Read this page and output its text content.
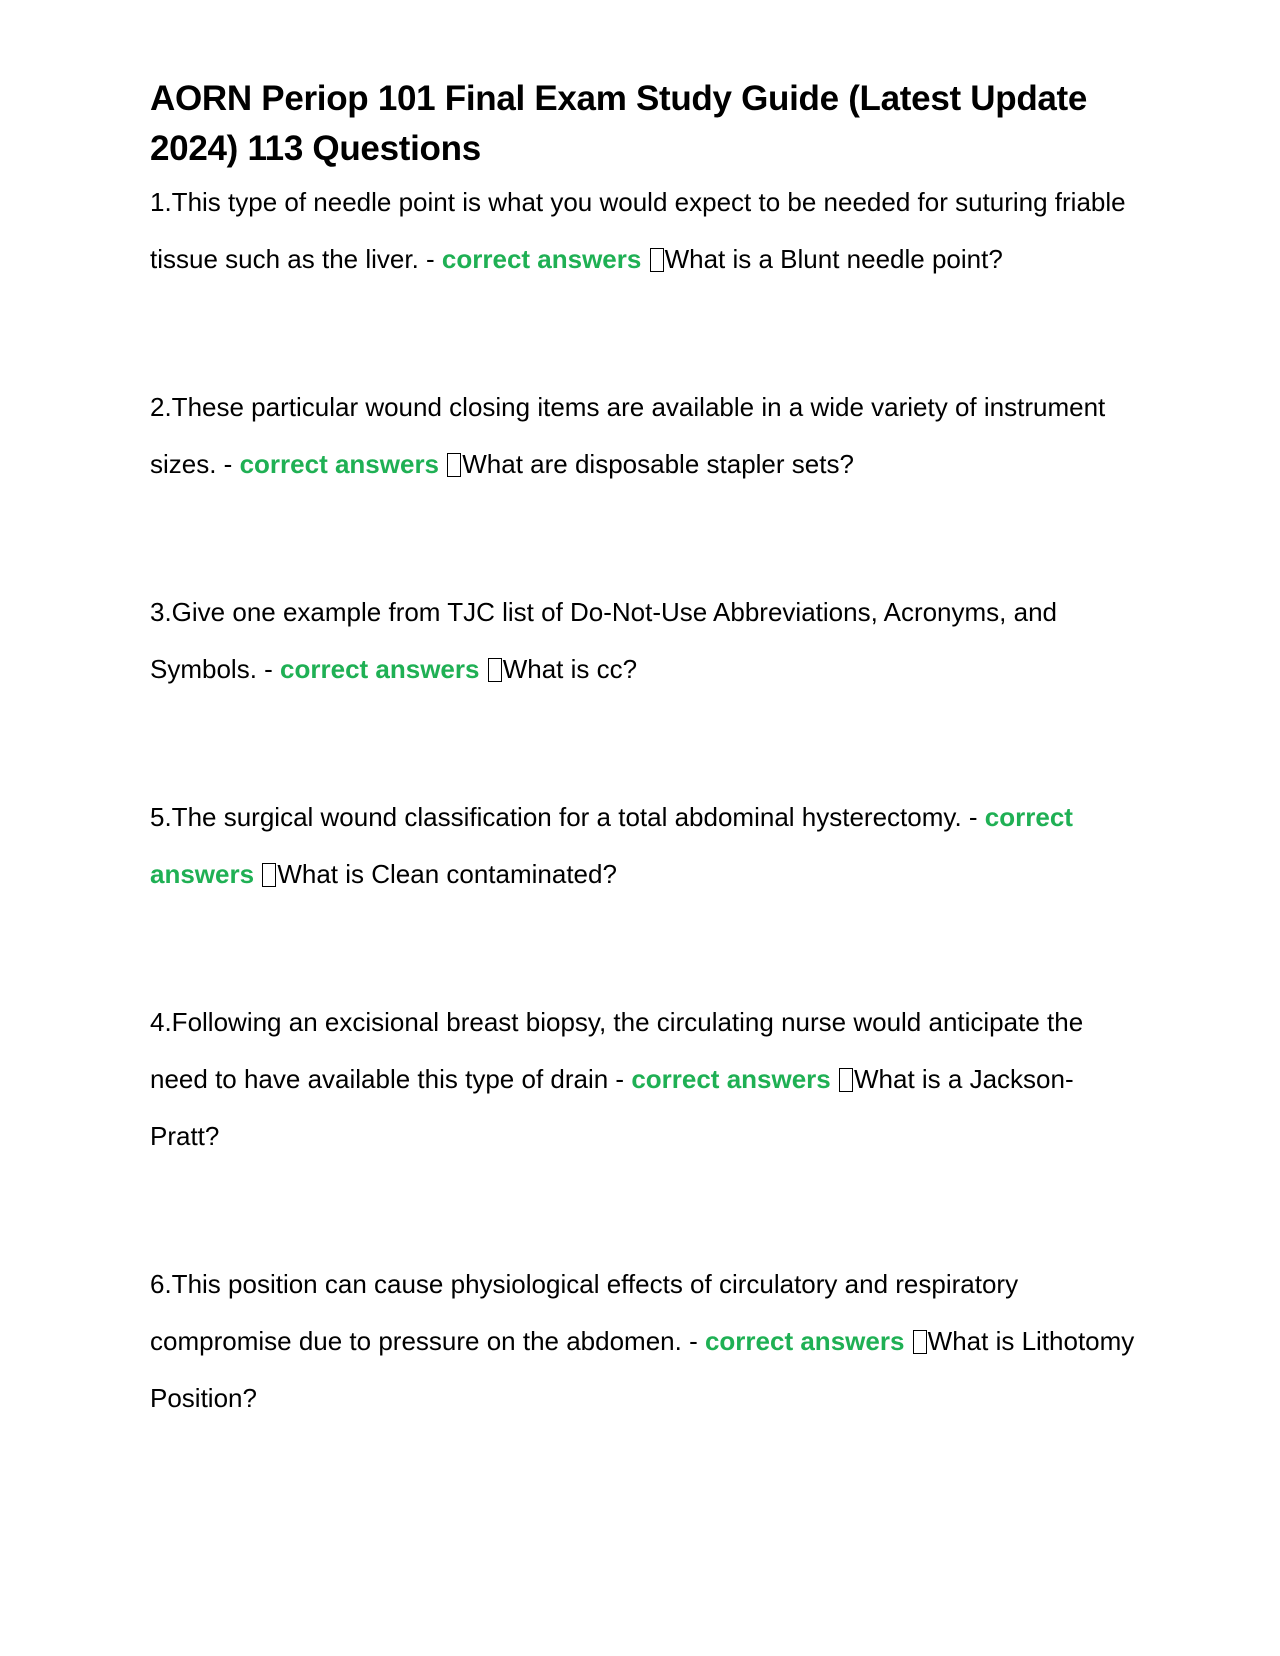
AORN Periop 101 Final Exam Study Guide (Latest Update 2024) 113 Questions

1.This type of needle point is what you would expect to be needed for suturing friable tissue such as the liver. - correct answers What is a Blunt needle point?

2.These particular wound closing items are available in a wide variety of instrument sizes. - correct answers What are disposable stapler sets?

3.Give one example from TJC list of Do-Not-Use Abbreviations, Acronyms, and Symbols. - correct answers What is cc?

5.The surgical wound classification for a total abdominal hysterectomy. - correct answers What is Clean contaminated?

4.Following an excisional breast biopsy, the circulating nurse would anticipate the need to have available this type of drain - correct answers What is a Jackson-Pratt?

6.This position can cause physiological effects of circulatory and respiratory compromise due to pressure on the abdomen. - correct answers What is Lithotomy Position?
